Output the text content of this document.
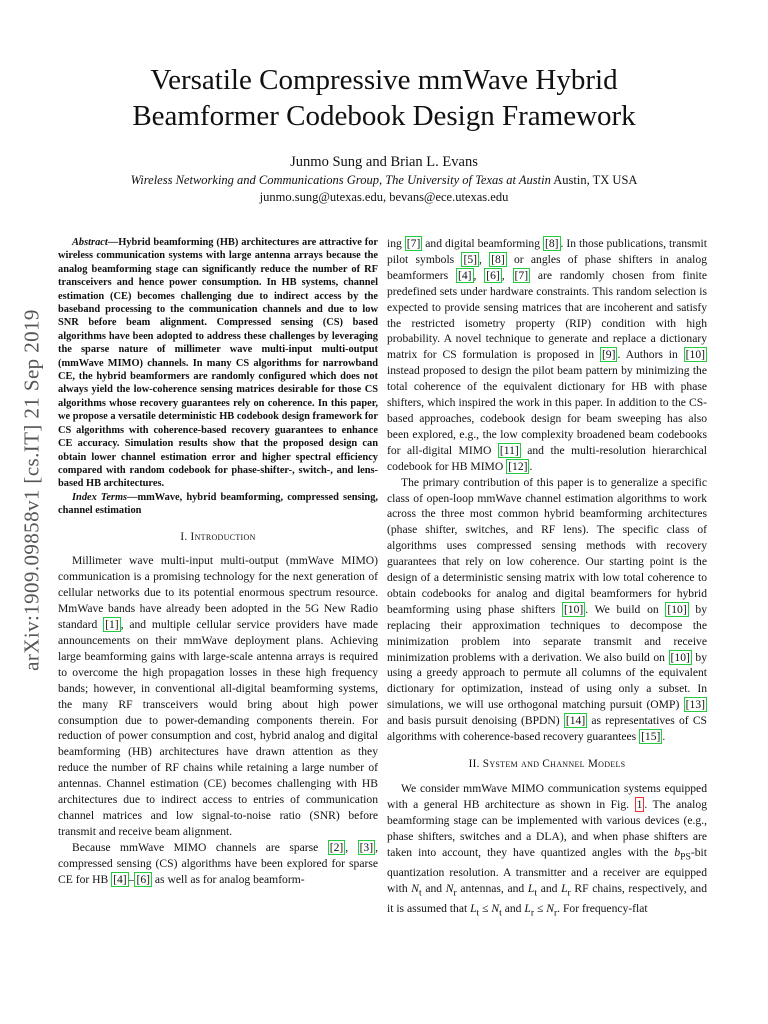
Versatile Compressive mmWave Hybrid
Beamformer Codebook Design Framework
Junmo Sung and Brian L. Evans
Wireless Networking and Communications Group, The University of Texas at Austin Austin, TX USA
junmo.sung@utexas.edu, bevans@ece.utexas.edu
arXiv:1909.09858v1 [cs.IT] 21 Sep 2019

Abstract—Hybrid beamforming (HB) architectures are attractive for wireless communication systems with large antenna arrays because the analog beamforming stage can significantly reduce the number of RF transceivers and hence power consumption. In HB systems, channel estimation (CE) becomes challenging due to indirect access by the baseband processing to the communication channels and due to low SNR before beam alignment. Compressed sensing (CS) based algorithms have been adopted to address these challenges by leveraging the sparse nature of millimeter wave multi-input multi-output (mmWave MIMO) channels. In many CS algorithms for narrowband CE, the hybrid beamformers are randomly configured which does not always yield the low-coherence sensing matrices desirable for those CS algorithms whose recovery guarantees rely on coherence. In this paper, we propose a versatile deterministic HB codebook design framework for CS algorithms with coherence-based recovery guarantees to enhance CE accuracy. Simulation results show that the proposed design can obtain lower channel estimation error and higher spectral efficiency compared with random codebook for phase-shifter-, switch-, and lens-based HB architectures.

Index Terms—mmWave, hybrid beamforming, compressed sensing, channel estimation

I. Introduction

Millimeter wave multi-input multi-output (mmWave MIMO) communication is a promising technology for the next generation of cellular networks due to its potential enormous spectrum resource. MmWave bands have already been adopted in the 5G New Radio standard [1] , and multiple cellular service providers have made announcements on their mmWave deployment plans. Achieving large beamforming gains with large-scale antenna arrays is required to overcome the high propagation losses in these high frequency bands; however, in conventional all-digital beamforming systems, the many RF transceivers would bring about high power consumption due to power-demanding components therein. For reduction of power consumption and cost, hybrid analog and digital beamforming (HB) architectures have drawn attention as they reduce the number of RF chains while retaining a large number of antennas. Channel estimation (CE) becomes challenging with HB architectures due to indirect access to entries of communication channel matrices and low signal-to-noise ratio (SNR) before transmit and receive beam alignment.

Because mmWave MIMO channels are sparse [2] , [3] , compressed sensing (CS) algorithms have been explored for sparse CE for HB [4] – [6] as well as for analog beamform-

ing [7] and digital beamforming [8] . In those publications, transmit pilot symbols [5] , [8] or angles of phase shifters in analog beamformers [4] , [6] , [7] are randomly chosen from finite predefined sets under hardware constraints. This random selection is expected to provide sensing matrices that are incoherent and satisfy the restricted isometry property (RIP) condition with high probability. A novel technique to generate and replace a dictionary matrix for CS formulation is proposed in [9] . Authors in [10] instead proposed to design the pilot beam pattern by minimizing the total coherence of the equivalent dictionary for HB with phase shifters, which inspired the work in this paper. In addition to the CS-based approaches, codebook design for beam sweeping has also been explored, e.g., the low complexity broadened beam codebooks for all-digital MIMO [11] and the multi-resolution hierarchical codebook for HB MIMO [12] .

The primary contribution of this paper is to generalize a specific class of open-loop mmWave channel estimation algorithms to work across the three most common hybrid beamforming architectures (phase shifter, switches, and RF lens). The specific class of algorithms uses compressed sensing methods with recovery guarantees that rely on low coherence. Our starting point is the design of a deterministic sensing matrix with low total coherence to obtain codebooks for analog and digital beamformers for hybrid beamforming using phase shifters [10] . We build on [10] by replacing their approximation techniques to decompose the minimization problem into separate transmit and receive minimization problems with a derivation. We also build on [10] by using a greedy approach to permute all columns of the equivalent dictionary for optimization, instead of using only a subset. In simulations, we will use orthogonal matching pursuit (OMP) [13] and basis pursuit denoising (BPDN) [14] as representatives of CS algorithms with coherence-based recovery guarantees [15] .

II. System and Channel Models

We consider mmWave MIMO communication systems equipped with a general HB architecture as shown in Fig. 1 . The analog beamforming stage can be implemented with various devices (e.g., phase shifters, switches and a DLA), and when phase shifters are taken into account, they have quantized angles with the $b_{PS}$-bit quantization resolution. A transmitter and a receiver are equipped with $N_t$ and $N_r$ antennas, and $L_t$ and $L_r$ RF chains, respectively, and it is assumed that $L_t \le N_t$ and $L_r \le N_r$. For frequency-flat
